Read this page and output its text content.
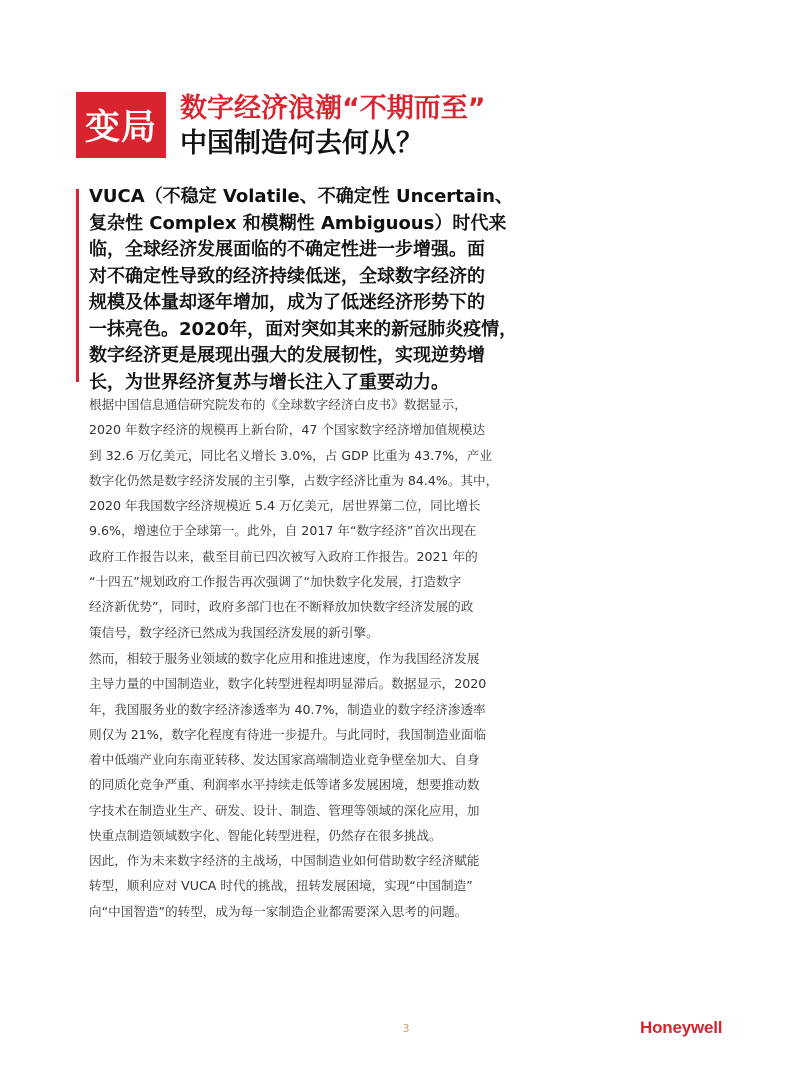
变局 数字经济浪潮“不期而至”
中国制造何去何从？
VUCA（不稳定 Volatile、不确定性 Uncertain、
复杂性 Complex 和模糊性 Ambiguous）时代来
临，全球经济发展面临的不确定性进一步增强。面
对不确定性导致的经济持续低迷，全球数字经济的
规模及体量却逐年增加，成为了低迷经济形势下的
一抹亮色。2020年，面对突如其来的新冠肺炎疫情，
数字经济更是展现出强大的发展韧性，实现逆势增
长，为世界经济复苏与增长注入了重要动力。
根据中国信息通信研究院发布的《全球数字经济白皮书》数据显示，
2020 年数字经济的规模再上新台阶，47 个国家数字经济增加值规模达
到 32.6 万亿美元，同比名义增长 3.0%，占 GDP 比重为 43.7%，产业
数字化仍然是数字经济发展的主引擎，占数字经济比重为 84.4%。其中，
2020 年我国数字经济规模近 5.4 万亿美元，居世界第二位，同比增长
9.6%，增速位于全球第一。此外，自 2017 年“数字经济”首次出现在
政府工作报告以来，截至目前已四次被写入政府工作报告。2021 年的
“十四五”规划政府工作报告再次强调了“加快数字化发展，打造数字
经济新优势”，同时，政府多部门也在不断释放加快数字经济发展的政
策信号，数字经济已然成为我国经济发展的新引擎。
然而，相较于服务业领域的数字化应用和推进速度，作为我国经济发展
主导力量的中国制造业，数字化转型进程却明显滞后。数据显示，2020
年，我国服务业的数字经济渗透率为 40.7%，制造业的数字经济渗透率
则仅为 21%，数字化程度有待进一步提升。与此同时，我国制造业面临
着中低端产业向东南亚转移、发达国家高端制造业竞争壁垒加大、自身
的同质化竞争严重、利润率水平持续走低等诸多发展困境，想要推动数
字技术在制造业生产、研发、设计、制造、管理等领域的深化应用，加
快重点制造领域数字化、智能化转型进程，仍然存在很多挑战。
因此，作为未来数字经济的主战场，中国制造业如何借助数字经济赋能
转型，顺利应对 VUCA 时代的挑战，扭转发展困境，实现“中国制造”
向“中国智造”的转型，成为每一家制造企业都需要深入思考的问题。
3	Honeywell
